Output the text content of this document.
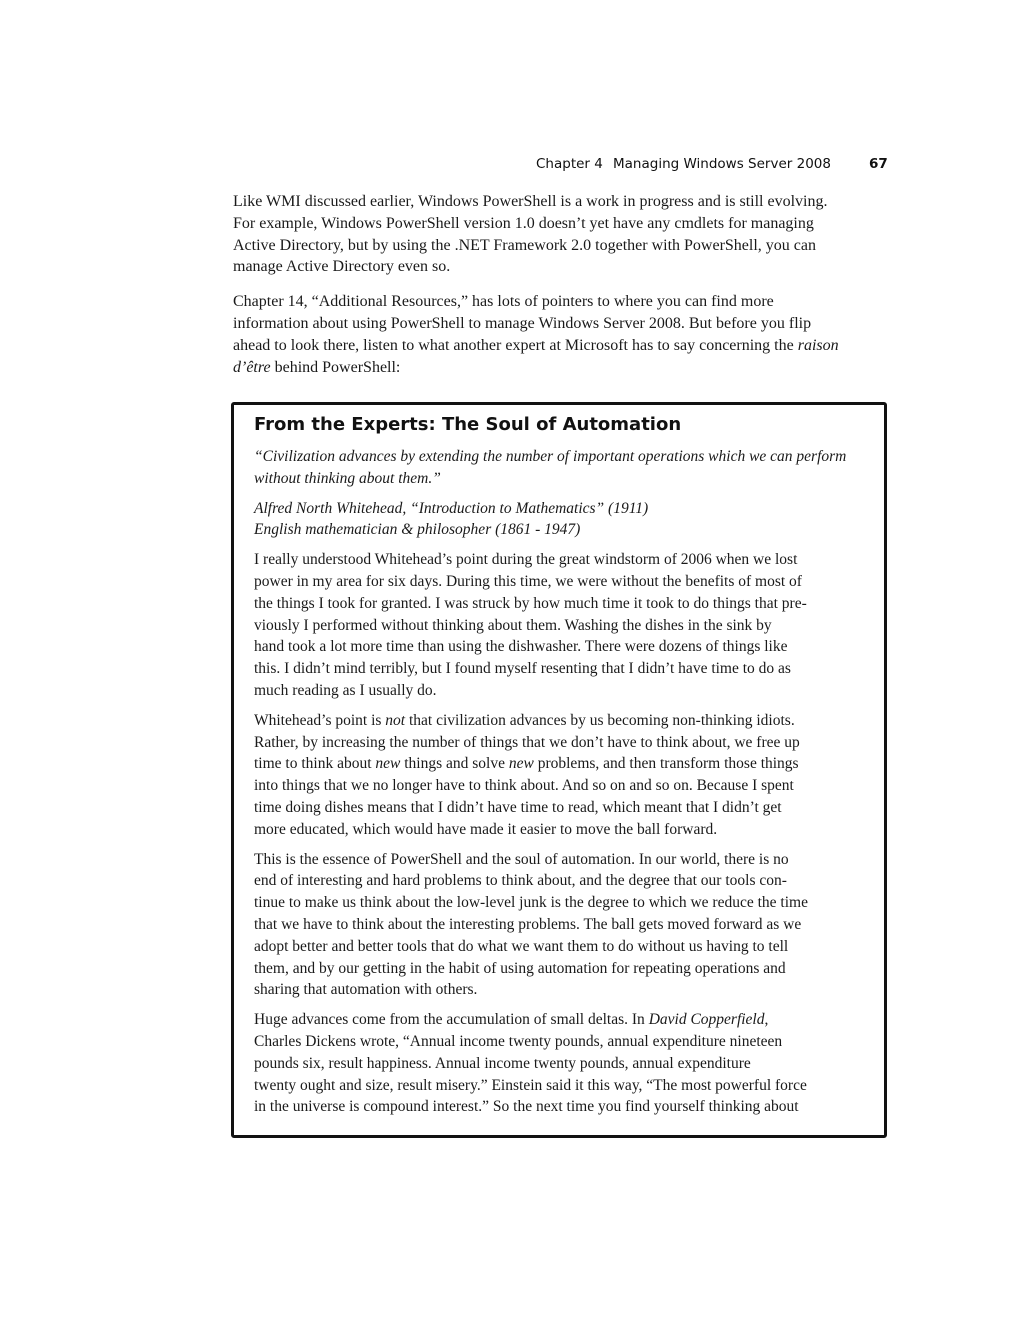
Chapter 4 Managing Windows Server 2008	67
Like WMI discussed earlier, Windows PowerShell is a work in progress and is still evolving.
For example, Windows PowerShell version 1.0 doesn’t yet have any cmdlets for managing
Active Directory, but by using the .NET Framework 2.0 together with PowerShell, you can
manage Active Directory even so.
Chapter 14, “Additional Resources,” has lots of pointers to where you can find more
information about using PowerShell to manage Windows Server 2008. But before you flip
ahead to look there, listen to what another expert at Microsoft has to say concerning the raison
d’être behind PowerShell:
From the Experts: The Soul of Automation
“Civilization advances by extending the number of important operations which we can perform
without thinking about them.”
Alfred North Whitehead, “Introduction to Mathematics” (1911)
English mathematician & philosopher (1861 - 1947)
I really understood Whitehead’s point during the great windstorm of 2006 when we lost
power in my area for six days. During this time, we were without the benefits of most of
the things I took for granted. I was struck by how much time it took to do things that pre-
viously I performed without thinking about them. Washing the dishes in the sink by
hand took a lot more time than using the dishwasher. There were dozens of things like
this. I didn’t mind terribly, but I found myself resenting that I didn’t have time to do as
much reading as I usually do.
Whitehead’s point is not that civilization advances by us becoming non-thinking idiots.
Rather, by increasing the number of things that we don’t have to think about, we free up
time to think about new things and solve new problems, and then transform those things
into things that we no longer have to think about. And so on and so on. Because I spent
time doing dishes means that I didn’t have time to read, which meant that I didn’t get
more educated, which would have made it easier to move the ball forward.
This is the essence of PowerShell and the soul of automation. In our world, there is no
end of interesting and hard problems to think about, and the degree that our tools con-
tinue to make us think about the low-level junk is the degree to which we reduce the time
that we have to think about the interesting problems. The ball gets moved forward as we
adopt better and better tools that do what we want them to do without us having to tell
them, and by our getting in the habit of using automation for repeating operations and
sharing that automation with others.
Huge advances come from the accumulation of small deltas. In David Copperfield,
Charles Dickens wrote, “Annual income twenty pounds, annual expenditure nineteen
pounds six, result happiness. Annual income twenty pounds, annual expenditure
twenty ought and size, result misery.” Einstein said it this way, “The most powerful force
in the universe is compound interest.” So the next time you find yourself thinking about
